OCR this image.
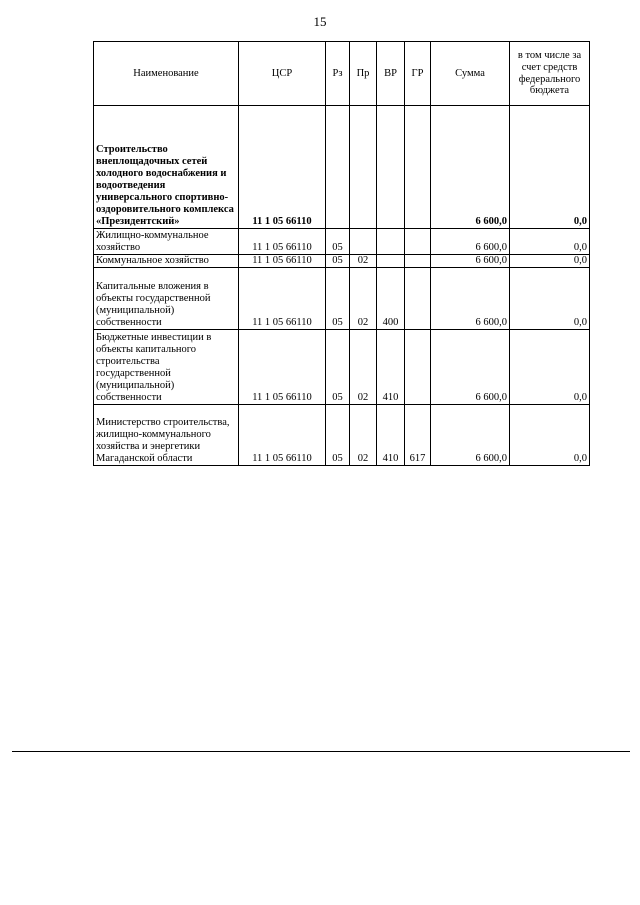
15
Наименование	ЦСР	Рз	Пр	ВР	ГР	Сумма	в том числе за счет средств федерального бюджета
Строительство внеплощадочных сетей холодного водоснабжения и водоотведения универсального спортивно-оздоровительного комплекса «Президентский»	11 1 05 66110					6 600,0	0,0
Жилищно-коммунальное хозяйство	11 1 05 66110	05				6 600,0	0,0
Коммунальное хозяйство	11 1 05 66110	05	02			6 600,0	0,0
Капитальные вложения в объекты государственной (муниципальной) собственности	11 1 05 66110	05	02	400		6 600,0	0,0
Бюджетные инвестиции в объекты капитального строительства государственной (муниципальной) собственности	11 1 05 66110	05	02	410		6 600,0	0,0
Министерство строительства, жилищно-коммунального хозяйства и энергетики Магаданской области	11 1 05 66110	05	02	410	617	6 600,0	0,0
